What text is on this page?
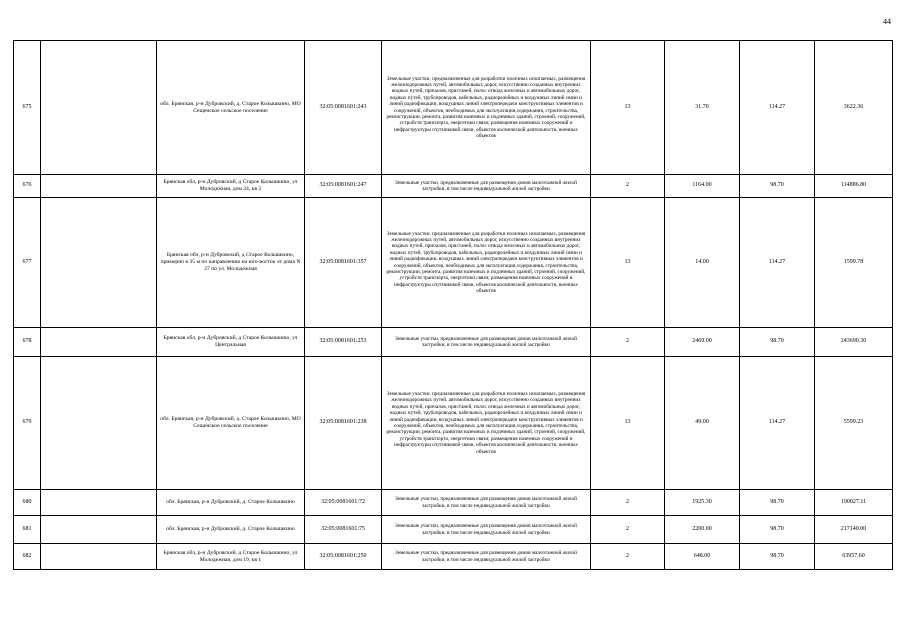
44
675		обл. Брянская, р-н Дубровский, д. Старое Колышкино, МО Сещенское сельское поселение	32:05:0081601:243	Земельные участки, предназначенные для разработки полезных ископаемых, размещения железнодорожных путей, автомобильных дорог, искусственно созданных внутренних водных путей, причалов, пристаней, полос отвода железных и автомобильных дорог, водных путей, трубопроводов, кабельных, радиорелейных и воздушных линий связи и линий радиофикации, воздушных линий электропередачи конструктивных элементов и сооружений, объектов, необходимых для эксплуатации,содержания, строительства, реконструкции, ремонта, развития наземных и подземных зданий, строений, сооружений, устройств транспорта, энергетики связи; размещения наземных сооружений и инфраструктуры спутниковой связи, объектов космической деятельности, военных объектов	13	31.70	114.27	3622.36
676		Брянская обл, р-н Дубровский, д Старое Колышкино, ул Молодежная, дом 24, кв 2	32:05:0081601:247	Земельные участки, предназначенные для размещения домов малоэтажной жилой застройки, в том числе индивидуальной жилой застройки	2	1164.00	98.70	114886.80
677		Брянская обл, р-н Дубровский, д Старое Колышкино, примерно в 35 м по направлению на юго-восток от дома N 27 по ул. Молодежная	32:05:0081601:357	Земельные участки, предназначенные для разработки полезных ископаемых, размещения железнодорожных путей, автомобильных дорог, искусственно созданных внутренних водных путей, причалов, пристаней, полос отвода железных и автомобильных дорог, водных путей, трубопроводов, кабельных, радиорелейных и воздушных линий связи и линий радиофикации, воздушных линий электропередачи конструктивных элементов и сооружений, объектов, необходимых для эксплуатации,содержания, строительства, реконструкции, ремонта, развития наземных и подземных зданий, строений, сооружений, устройств транспорта, энергетики связи; размещения наземных сооружений и инфраструктуры спутниковой связи, объектов космической деятельности, военных объектов	13	14.00	114.27	1599.78
678		Брянская обл, р-н Дубровский, д Старое Колышкино, ул Центральная	32:05:0081601:253	Земельные участки, предназначенные для размещения домов малоэтажной жилой застройки, в том числе индивидуальной жилой застройки	2	2469.00	98.70	243690.30
679		обл. Брянская, р-н Дубровский, д. Старое Колышкино, МО Сещенское сельское поселение	32:05:0081601:238	Земельные участки, предназначенные для разработки полезных ископаемых, размещения железнодорожных путей, автомобильных дорог, искусственно созданных внутренних водных путей, причалов, пристаней, полос отвода железных и автомобильных дорог, водных путей, трубопроводов, кабельных, радиорелейных и воздушных линий связи и линий радиофикации, воздушных линий электропередачи конструктивных элементов и сооружений, объектов, необходимых для эксплуатации,содержания, строительства, реконструкции, ремонта, развития наземных и подземных зданий, строений, сооружений, устройств транспорта, энергетики связи; размещения наземных сооружений и инфраструктуры спутниковой связи, объектов космической деятельности, военных объектов	13	49.00	114.27	5599.23
680		обл. Брянская, р-н Дубровский, д. Старое Колышкино	32:05:0081601:72	Земельные участки, предназначенные для размещения домов малоэтажной жилой застройки, в том числе индивидуальной жилой застройки	2	1925.30	98.70	190027.11
681		обл. Брянская, р-н Дубровский, д. Старое Колышкино	32:05:0081601:75	Земельные участки, предназначенные для размещения домов малоэтажной жилой застройки, в том числе индивидуальной жилой застройки	2	2200.00	98.70	217140.00
682		Брянская обл, р-н Дубровский, д Старое Колышкино, ул Молодежная, дом 19, кв 1	32:05:0081601:250	Земельные участки, предназначенные для размещения домов малоэтажной жилой застройки, в том числе индивидуальной жилой застройки	2	648.00	98.70	63957.60
